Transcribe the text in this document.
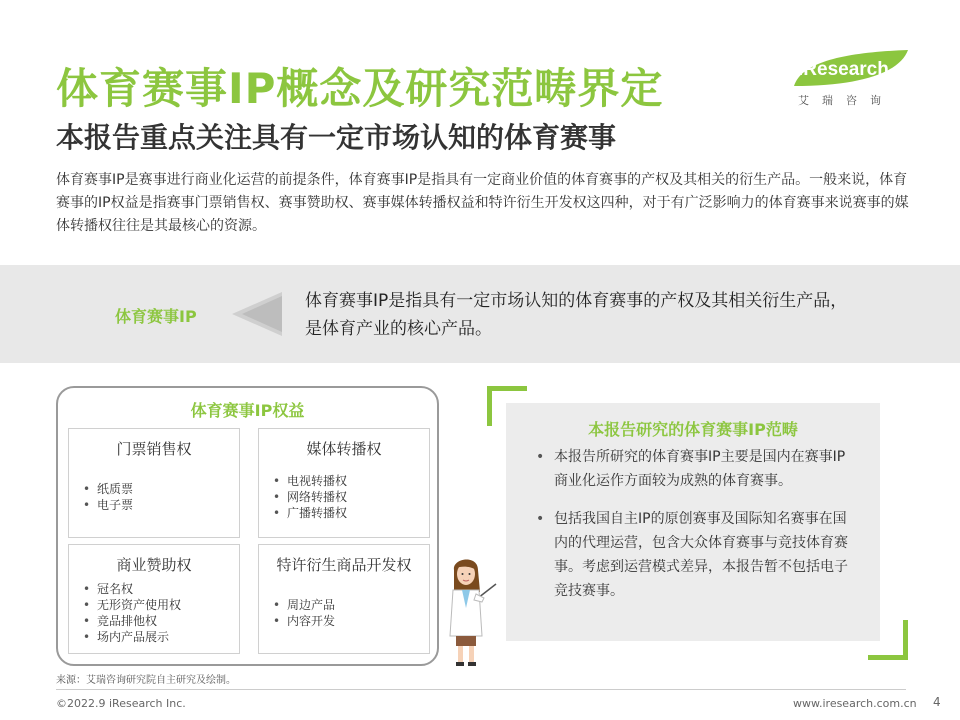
体育赛事IP概念及研究范畴界定
本报告重点关注具有一定市场认知的体育赛事
iResearch
艾瑞咨询

体育赛事IP是赛事进行商业化运营的前提条件，体育赛事IP是指具有一定商业价值的体育赛事的产权及其相关的衍生产品。一般来说，体育赛事的IP权益是指赛事门票销售权、赛事赞助权、赛事媒体转播权益和特许衍生开发权这四种，对于有广泛影响力的体育赛事来说赛事的媒体转播权往往是其最核心的资源。

体育赛事IP
体育赛事IP是指具有一定市场认知的体育赛事的产权及其相关衍生产品，
是体育产业的核心产品。
体育赛事IP权益
门票销售权
• 纸质票
• 电子票
媒体转播权
• 电视转播权
• 网络转播权
• 广播转播权
商业赞助权
• 冠名权
• 无形资产使用权
• 竞品排他权
• 场内产品展示
特许衍生商品开发权
• 周边产品
• 内容开发
本报告研究的体育赛事IP范畴
• 本报告所研究的体育赛事IP主要是国内在赛事IP商业化运作方面较为成熟的体育赛事。
• 包括我国自主IP的原创赛事及国际知名赛事在国内的代理运营，包含大众体育赛事与竞技体育赛事。考虑到运营模式差异，本报告暂不包括电子竞技赛事。
来源：艾瑞咨询研究院自主研究及绘制。
©2022.9 iResearch Inc.	www.iresearch.com.cn 4
